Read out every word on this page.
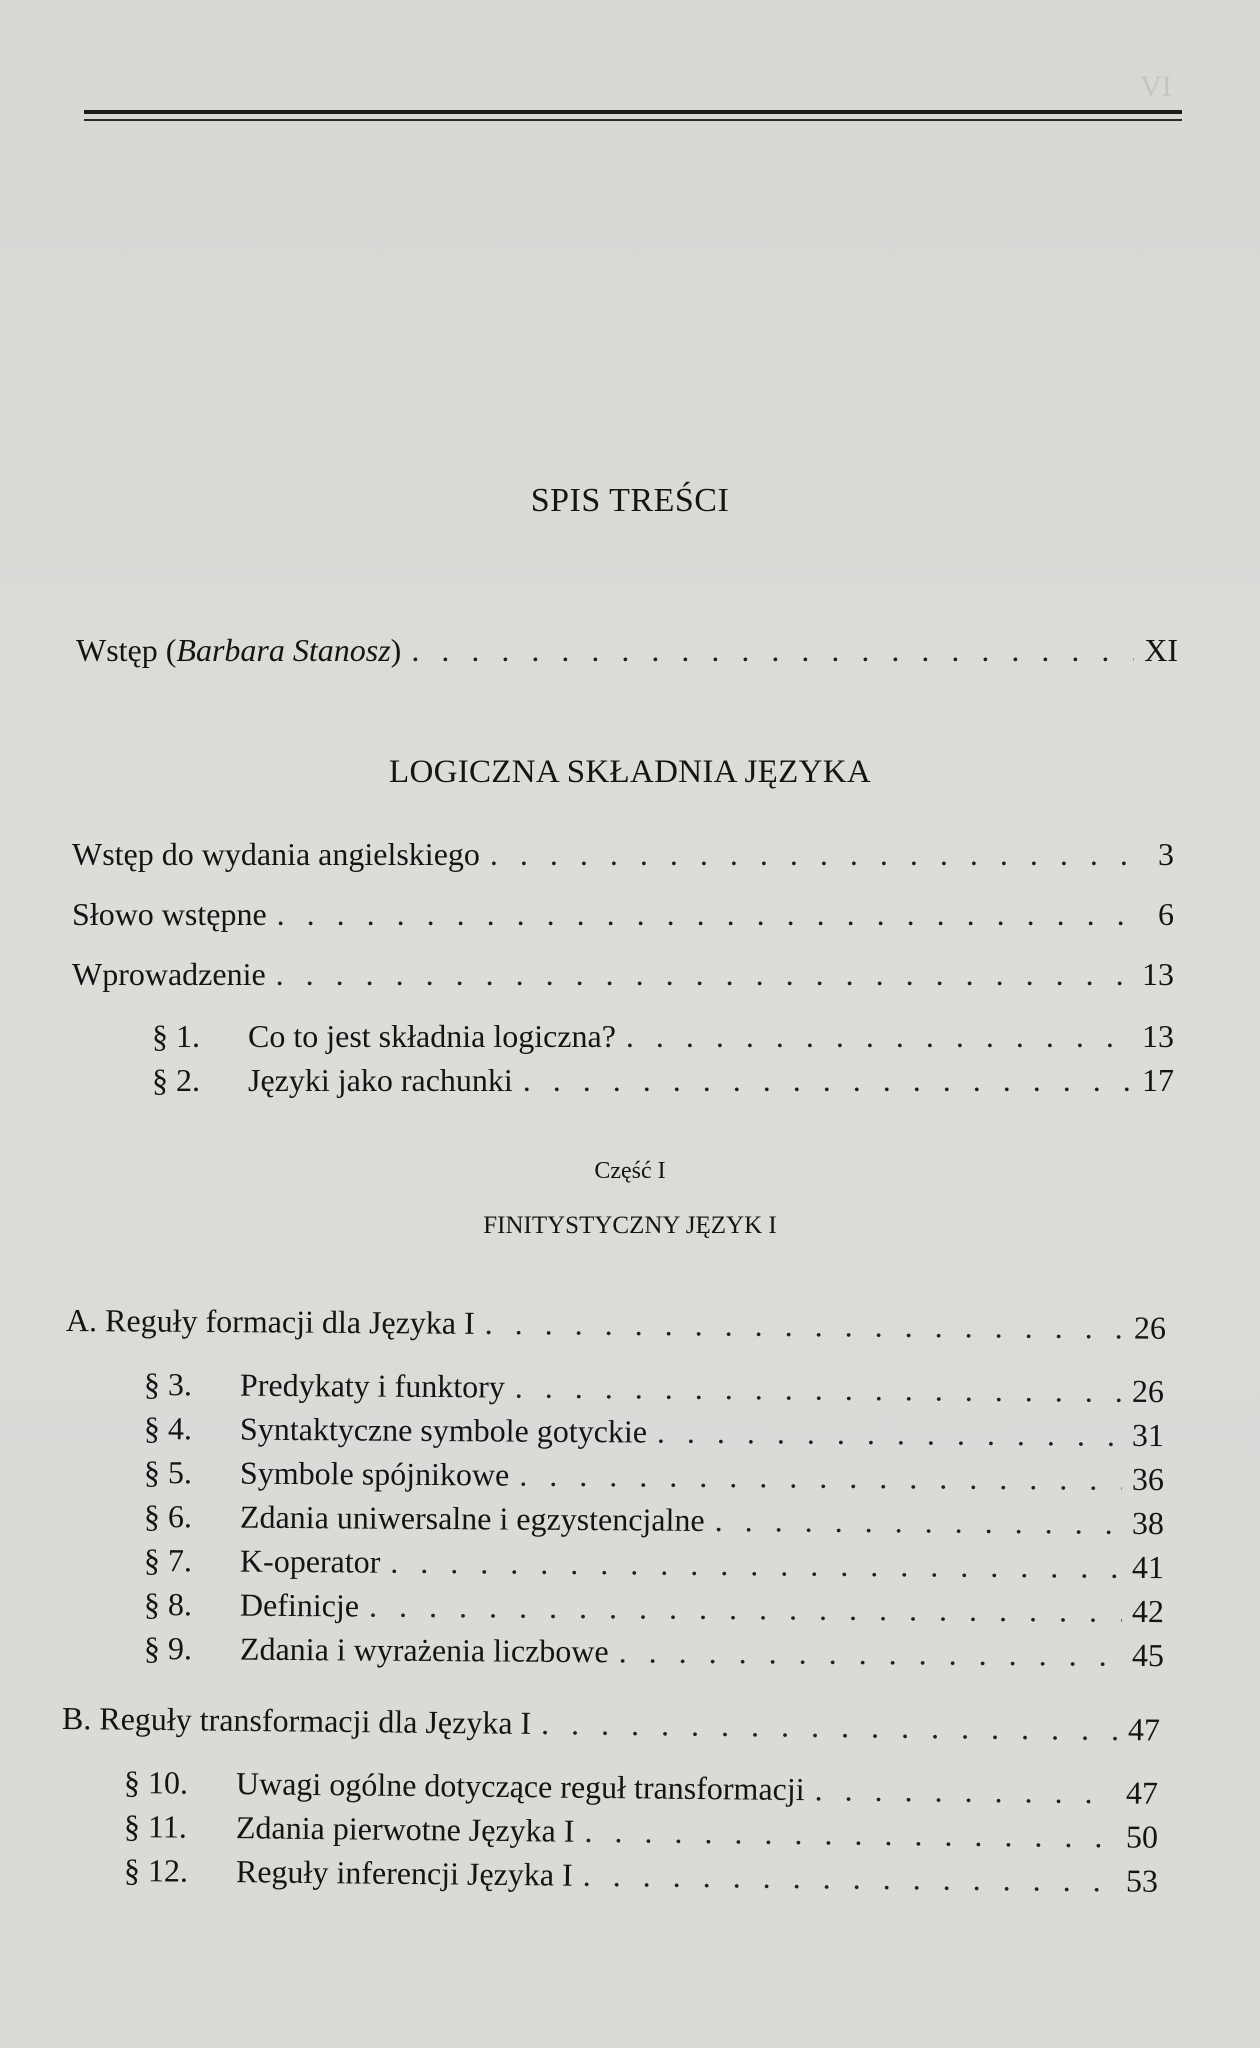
VI
SPIS TREŚCI
Wstęp (Barbara Stanosz) . . .	XI
LOGICZNA SKŁADNIA JĘZYKA
Wstęp do wydania angielskiego . . .	3
Słowo wstępne . . .	6
Wprowadzenie . . .	13
§ 1.	Co to jest składnia logiczna? . . .	13
§ 2.	Języki jako rachunki . . .	17
Część I
FINITYSTYCZNY JĘZYK I
A. Reguły formacji dla Języka I . . .	26
§ 3.	Predykaty i funktory . . .	26
§ 4.	Syntaktyczne symbole gotyckie . . .	31
§ 5.	Symbole spójnikowe . . .	36
§ 6.	Zdania uniwersalne i egzystencjalne . . .	38
§ 7.	K-operator . . .	41
§ 8.	Definicje . . .	42
§ 9.	Zdania i wyrażenia liczbowe . . .	45
B. Reguły transformacji dla Języka I . . .	47
§ 10.	Uwagi ogólne dotyczące reguł transformacji . . .	47
§ 11.	Zdania pierwotne Języka I . . .	50
§ 12.	Reguły inferencji Języka I . . .	53
